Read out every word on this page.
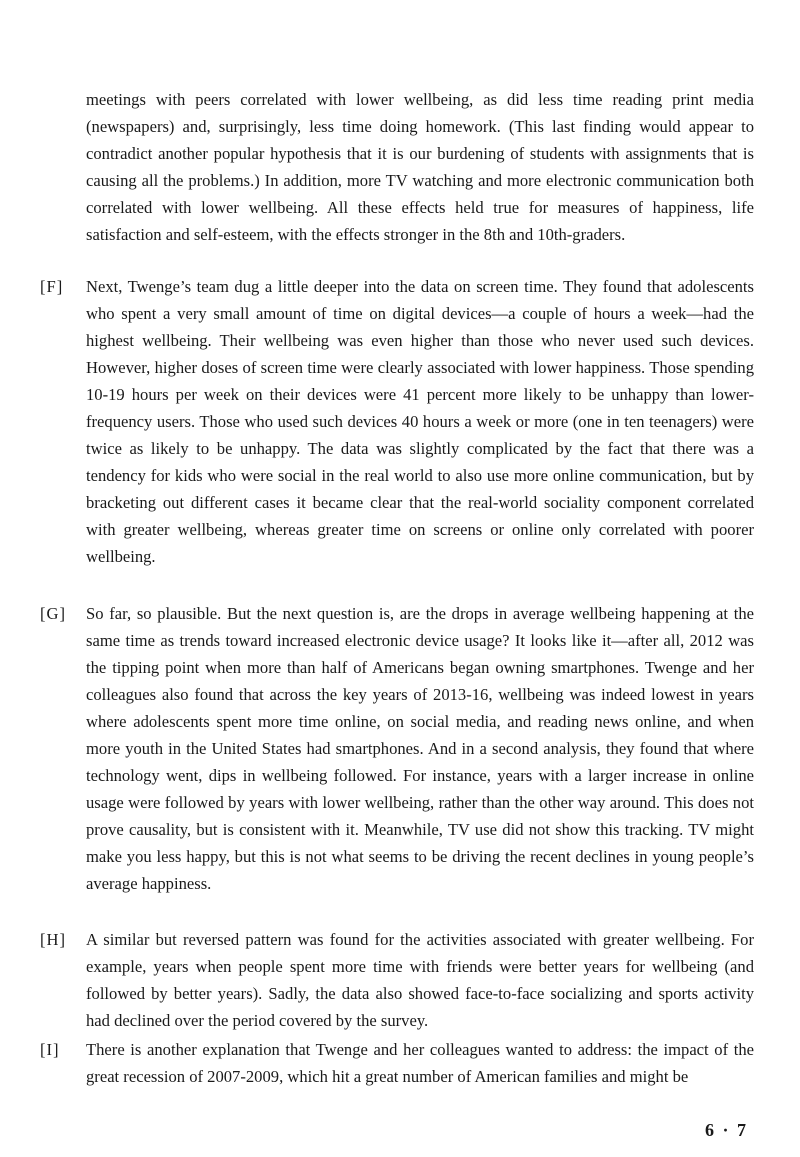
meetings with peers correlated with lower wellbeing, as did less time reading print media (newspapers) and, surprisingly, less time doing homework. (This last finding would appear to contradict another popular hypothesis that it is our burdening of students with assignments that is causing all the problems.) In addition, more TV watching and more electronic communication both correlated with lower wellbeing. All these effects held true for measures of happiness, life satisfaction and self-esteem, with the effects stronger in the 8th and 10th-graders.
[F]	Next, Twenge’s team dug a little deeper into the data on screen time. They found that adolescents who spent a very small amount of time on digital devices—a couple of hours a week—had the highest wellbeing. Their wellbeing was even higher than those who never used such devices. However, higher doses of screen time were clearly associated with lower happiness. Those spending 10-19 hours per week on their devices were 41 percent more likely to be unhappy than lower-frequency users. Those who used such devices 40 hours a week or more (one in ten teenagers) were twice as likely to be unhappy. The data was slightly complicated by the fact that there was a tendency for kids who were social in the real world to also use more online communication, but by bracketing out different cases it became clear that the real-world sociality component correlated with greater wellbeing, whereas greater time on screens or online only correlated with poorer wellbeing.
[G]	So far, so plausible. But the next question is, are the drops in average wellbeing happening at the same time as trends toward increased electronic device usage? It looks like it—after all, 2012 was the tipping point when more than half of Americans began owning smartphones. Twenge and her colleagues also found that across the key years of 2013-16, wellbeing was indeed lowest in years where adolescents spent more time online, on social media, and reading news online, and when more youth in the United States had smartphones. And in a second analysis, they found that where technology went, dips in wellbeing followed. For instance, years with a larger increase in online usage were followed by years with lower wellbeing, rather than the other way around. This does not prove causality, but is consistent with it. Meanwhile, TV use did not show this tracking. TV might make you less happy, but this is not what seems to be driving the recent declines in young people’s average happiness.
[H]	A similar but reversed pattern was found for the activities associated with greater wellbeing. For example, years when people spent more time with friends were better years for wellbeing (and followed by better years). Sadly, the data also showed face-to-face socializing and sports activity had declined over the period covered by the survey.
[I]	There is another explanation that Twenge and her colleagues wanted to address: the impact of the great recession of 2007-2009, which hit a great number of American families and might be
6 · 7
